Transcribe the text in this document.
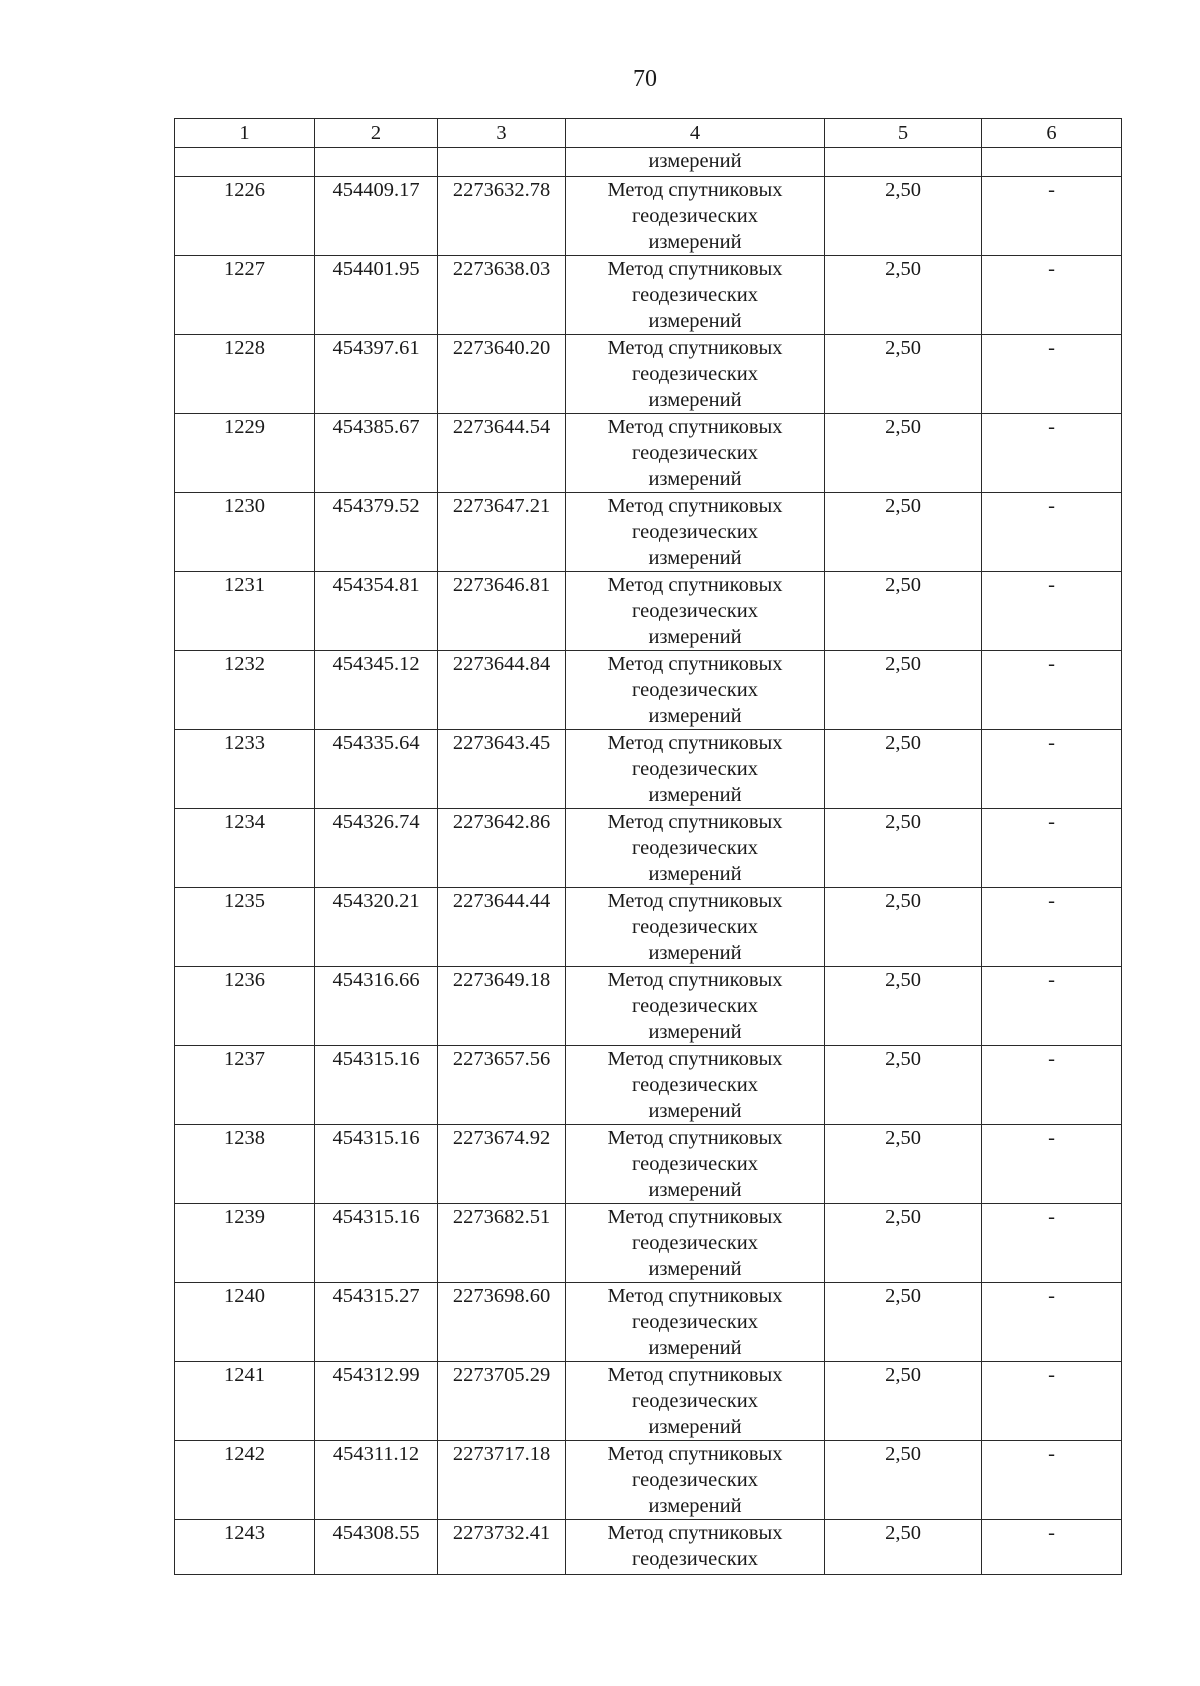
70
1	2	3	4	5	6
			измерений		
1226	454409.17	2273632.78	Метод спутниковых
геодезических
измерений	2,50	-
1227	454401.95	2273638.03	Метод спутниковых
геодезических
измерений	2,50	-
1228	454397.61	2273640.20	Метод спутниковых
геодезических
измерений	2,50	-
1229	454385.67	2273644.54	Метод спутниковых
геодезических
измерений	2,50	-
1230	454379.52	2273647.21	Метод спутниковых
геодезических
измерений	2,50	-
1231	454354.81	2273646.81	Метод спутниковых
геодезических
измерений	2,50	-
1232	454345.12	2273644.84	Метод спутниковых
геодезических
измерений	2,50	-
1233	454335.64	2273643.45	Метод спутниковых
геодезических
измерений	2,50	-
1234	454326.74	2273642.86	Метод спутниковых
геодезических
измерений	2,50	-
1235	454320.21	2273644.44	Метод спутниковых
геодезических
измерений	2,50	-
1236	454316.66	2273649.18	Метод спутниковых
геодезических
измерений	2,50	-
1237	454315.16	2273657.56	Метод спутниковых
геодезических
измерений	2,50	-
1238	454315.16	2273674.92	Метод спутниковых
геодезических
измерений	2,50	-
1239	454315.16	2273682.51	Метод спутниковых
геодезических
измерений	2,50	-
1240	454315.27	2273698.60	Метод спутниковых
геодезических
измерений	2,50	-
1241	454312.99	2273705.29	Метод спутниковых
геодезических
измерений	2,50	-
1242	454311.12	2273717.18	Метод спутниковых
геодезических
измерений	2,50	-
1243	454308.55	2273732.41	Метод спутниковых
геодезических	2,50	-
